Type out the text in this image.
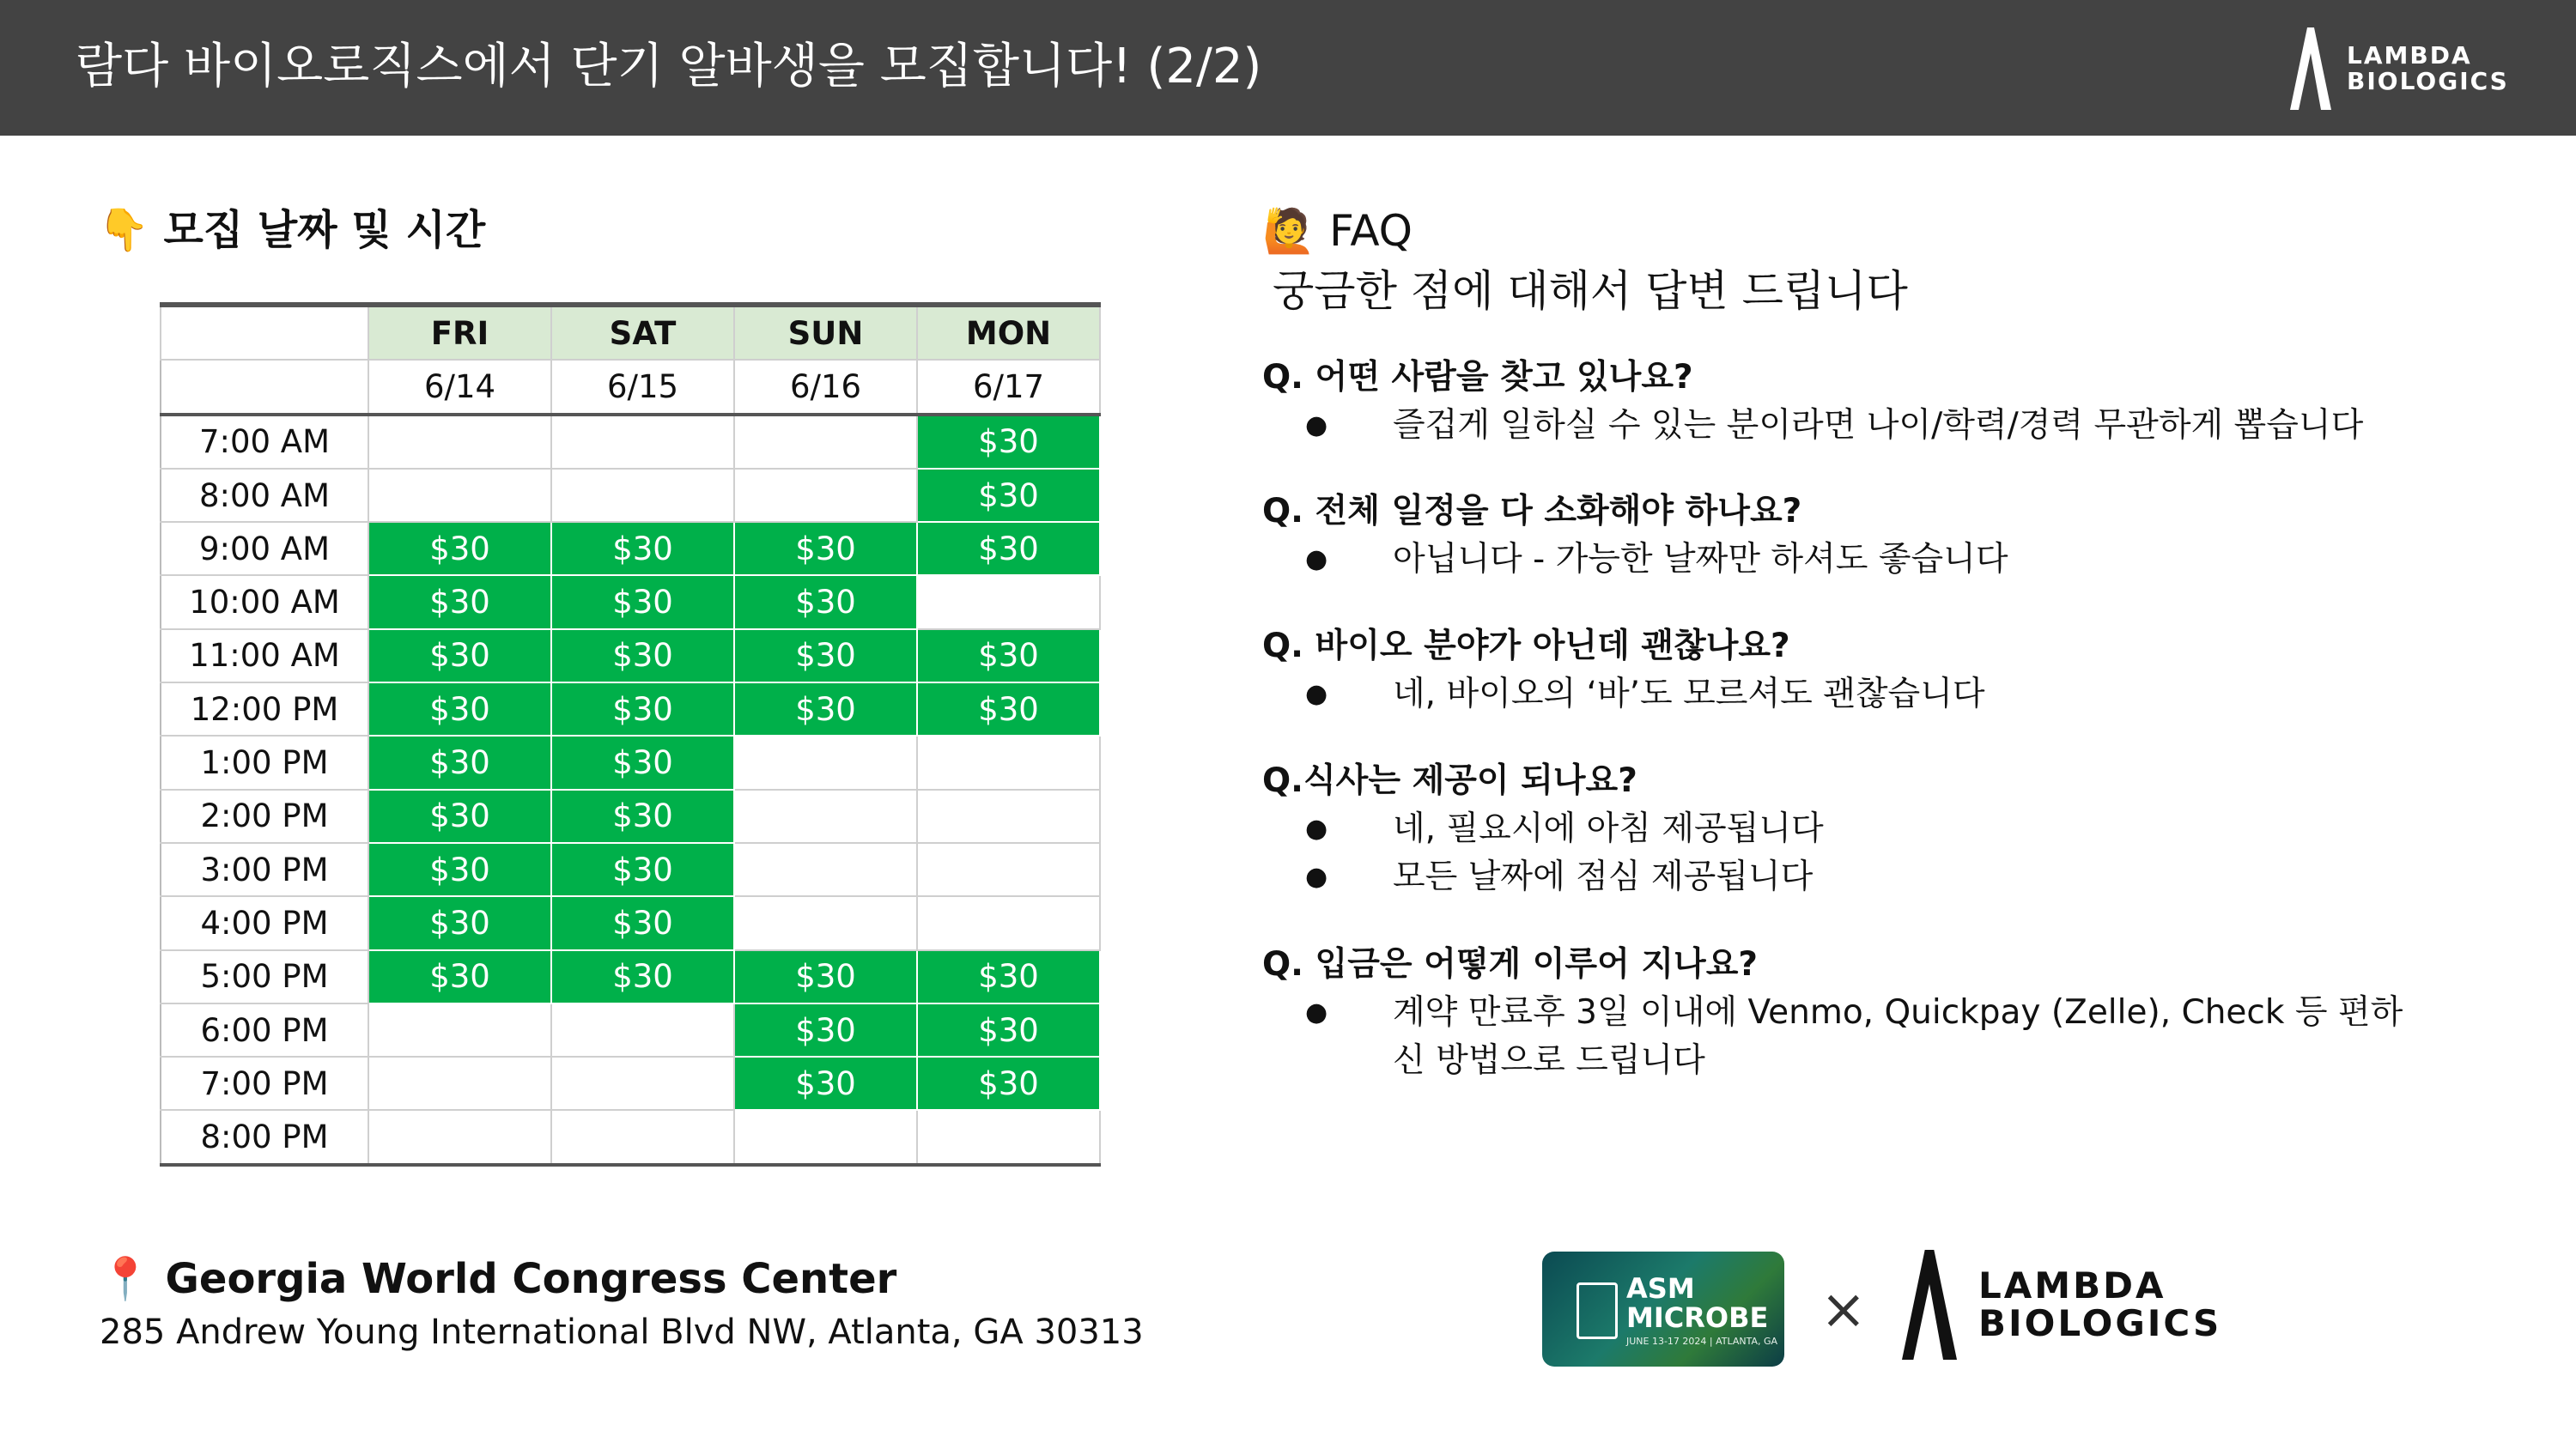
람다 바이오로직스에서 단기 알바생을 모집합니다! (2/2)	LAMBDA
BIOLOGICS
👇 모집 날짜 및 시간
	FRI	SAT	SUN	MON
	6/14	6/15	6/16	6/17
7:00 AM				$30
8:00 AM				$30
9:00 AM	$30	$30	$30	$30
10:00 AM	$30	$30	$30	
11:00 AM	$30	$30	$30	$30
12:00 PM	$30	$30	$30	$30
1:00 PM	$30	$30		
2:00 PM	$30	$30		
3:00 PM	$30	$30		
4:00 PM	$30	$30		
5:00 PM	$30	$30	$30	$30
6:00 PM			$30	$30
7:00 PM			$30	$30
8:00 PM				
🙋 FAQ
궁금한 점에 대해서 답변 드립니다
Q. 어떤 사람을 찾고 있나요?
● 즐겁게 일하실 수 있는 분이라면 나이/학력/경력 무관하게 뽑습니다
Q. 전체 일정을 다 소화해야 하나요?
● 아닙니다 - 가능한 날짜만 하셔도 좋습니다
Q. 바이오 분야가 아닌데 괜찮나요?
● 네, 바이오의 ‘바’도 모르셔도 괜찮습니다
Q.식사는 제공이 되나요?
● 네, 필요시에 아침 제공됩니다
● 모든 날짜에 점심 제공됩니다
Q. 입금은 어떻게 이루어 지나요?
● 계약 만료후 3일 이내에 Venmo, Quickpay (Zelle), Check 등 편하신 방법으로 드립니다
📍 Georgia World Congress Center
285 Andrew Young International Blvd NW, Atlanta, GA 30313
ASM MICROBE
JUNE 13-17 2024 | ATLANTA, GA ×	LAMBDA
BIOLOGICS
